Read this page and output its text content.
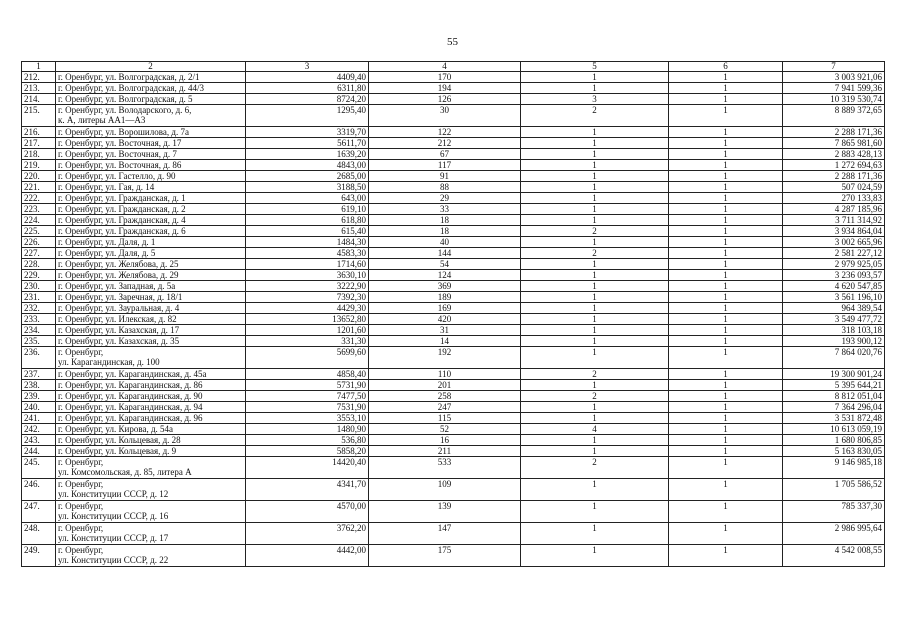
55
1	2	3	4	5	6	7
212.	г. Оренбург, ул. Волгоградская, д. 2/1	4409,40	170	1	1	3 003 921,06
213.	г. Оренбург, ул. Волгоградская, д. 44/3	6311,80	194	1	1	7 941 599,36
214.	г. Оренбург, ул. Волгоградская, д. 5	8724,20	126	3	1	10 319 530,74
215.	г. Оренбург, ул. Володарского, д. 6,
к. А, литеры АА1—А3	1295,40	30	2	1	8 889 372,65
216.	г. Оренбург, ул. Ворошилова, д. 7а	3319,70	122	1	1	2 288 171,36
217.	г. Оренбург, ул. Восточная, д. 17	5611,70	212	1	1	7 865 981,60
218.	г. Оренбург, ул. Восточная, д. 7	1639,20	67	1	1	2 883 428,13
219.	г. Оренбург, ул. Восточная, д. 86	4843,00	117	1	1	1 272 694,63
220.	г. Оренбург, ул. Гастелло, д. 90	2685,00	91	1	1	2 288 171,36
221.	г. Оренбург, ул. Гая, д. 14	3188,50	88	1	1	507 024,59
222.	г. Оренбург, ул. Гражданская, д. 1	643,00	29	1	1	270 133,83
223.	г. Оренбург, ул. Гражданская, д. 2	619,10	33	1	1	4 287 185,96
224.	г. Оренбург, ул. Гражданская, д. 4	618,80	18	1	1	3 711 314,92
225.	г. Оренбург, ул. Гражданская, д. 6	615,40	18	2	1	3 934 864,04
226.	г. Оренбург, ул. Даля, д. 1	1484,30	40	1	1	3 002 665,96
227.	г. Оренбург, ул. Даля, д. 5	4583,30	144	2	1	2 581 227,12
228.	г. Оренбург, ул. Желябова, д. 25	1714,60	54	1	1	2 979 925,05
229.	г. Оренбург, ул. Желябова, д. 29	3630,10	124	1	1	3 236 093,57
230.	г. Оренбург, ул. Западная, д. 5а	3222,90	369	1	1	4 620 547,85
231.	г. Оренбург, ул. Заречная, д. 18/1	7392,30	189	1	1	3 561 196,10
232.	г. Оренбург, ул. Зауральная, д. 4	4429,30	169	1	1	964 389,54
233.	г. Оренбург, ул. Илекская, д. 82	13652,80	420	1	1	3 549 477,72
234.	г. Оренбург, ул. Казахская, д. 17	1201,60	31	1	1	318 103,18
235.	г. Оренбург, ул. Казахская, д. 35	331,30	14	1	1	193 900,12
236.	г. Оренбург,
ул. Карагандинская, д. 100	5699,60	192	1	1	7 864 020,76
237.	г. Оренбург, ул. Карагандинская, д. 45а	4858,40	110	2	1	19 300 901,24
238.	г. Оренбург, ул. Карагандинская, д. 86	5731,90	201	1	1	5 395 644,21
239.	г. Оренбург, ул. Карагандинская, д. 90	7477,50	258	2	1	8 812 051,04
240.	г. Оренбург, ул. Карагандинская, д. 94	7531,90	247	1	1	7 364 296,04
241.	г. Оренбург, ул. Карагандинская, д. 96	3553,10	115	1	1	3 531 872,48
242.	г. Оренбург, ул. Кирова, д. 54а	1480,90	52	4	1	10 613 059,19
243.	г. Оренбург, ул. Кольцевая, д. 28	536,80	16	1	1	1 680 806,85
244.	г. Оренбург, ул. Кольцевая, д. 9	5858,20	211	1	1	5 163 830,05
245.	г. Оренбург,
ул. Комсомольская, д. 85, литера А	14420,40	533	2	1	9 146 985,18
246.	г. Оренбург,
ул. Конституции СССР, д. 12	4341,70	109	1	1	1 705 586,52
247.	г. Оренбург,
ул. Конституции СССР, д. 16	4570,00	139	1	1	785 337,30
248.	г. Оренбург,
ул. Конституции СССР, д. 17	3762,20	147	1	1	2 986 995,64
249.	г. Оренбург,
ул. Конституции СССР, д. 22	4442,00	175	1	1	4 542 008,55
